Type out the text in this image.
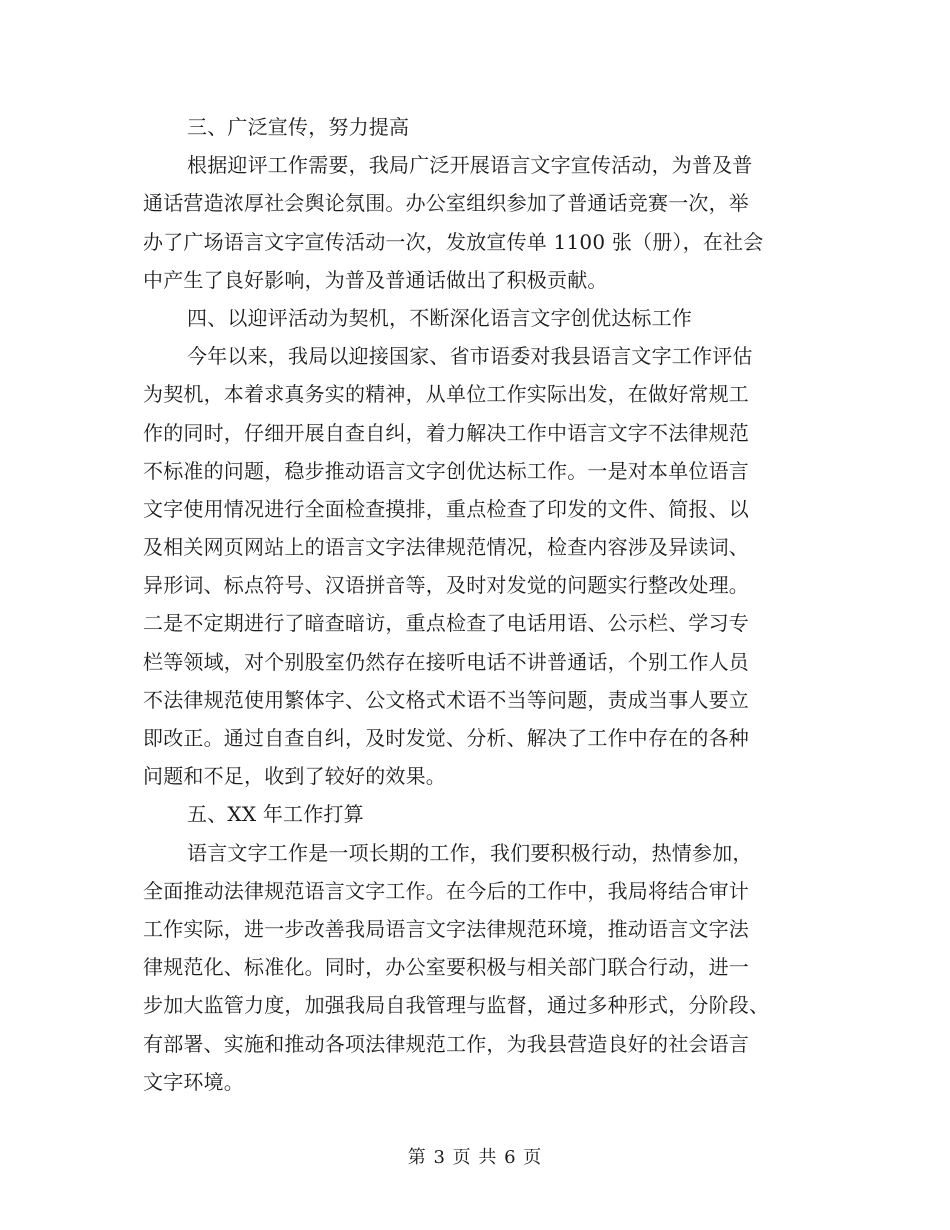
三、广泛宣传，努力提高
根据迎评工作需要，我局广泛开展语言文字宣传活动，为普及普
通话营造浓厚社会舆论氛围。办公室组织参加了普通话竞赛一次，举
办了广场语言文字宣传活动一次，发放宣传单 1100 张（册），在社会
中产生了良好影响，为普及普通话做出了积极贡献。
四、以迎评活动为契机，不断深化语言文字创优达标工作
今年以来，我局以迎接国家、省市语委对我县语言文字工作评估
为契机，本着求真务实的精神，从单位工作实际出发，在做好常规工
作的同时，仔细开展自查自纠，着力解决工作中语言文字不法律规范
不标准的问题，稳步推动语言文字创优达标工作。一是对本单位语言
文字使用情况进行全面检查摸排，重点检查了印发的文件、简报、以
及相关网页网站上的语言文字法律规范情况，检查内容涉及异读词、
异形词、标点符号、汉语拼音等，及时对发觉的问题实行整改处理。
二是不定期进行了暗查暗访，重点检查了电话用语、公示栏、学习专
栏等领域，对个别股室仍然存在接听电话不讲普通话，个别工作人员
不法律规范使用繁体字、公文格式术语不当等问题，责成当事人要立
即改正。通过自查自纠，及时发觉、分析、解决了工作中存在的各种
问题和不足，收到了较好的效果。
五、XX 年工作打算
语言文字工作是一项长期的工作，我们要积极行动，热情参加，
全面推动法律规范语言文字工作。在今后的工作中，我局将结合审计
工作实际，进一步改善我局语言文字法律规范环境，推动语言文字法
律规范化、标准化。同时，办公室要积极与相关部门联合行动，进一
步加大监管力度，加强我局自我管理与监督，通过多种形式，分阶段、
有部署、实施和推动各项法律规范工作，为我县营造良好的社会语言
文字环境。
第 3 页 共 6 页
